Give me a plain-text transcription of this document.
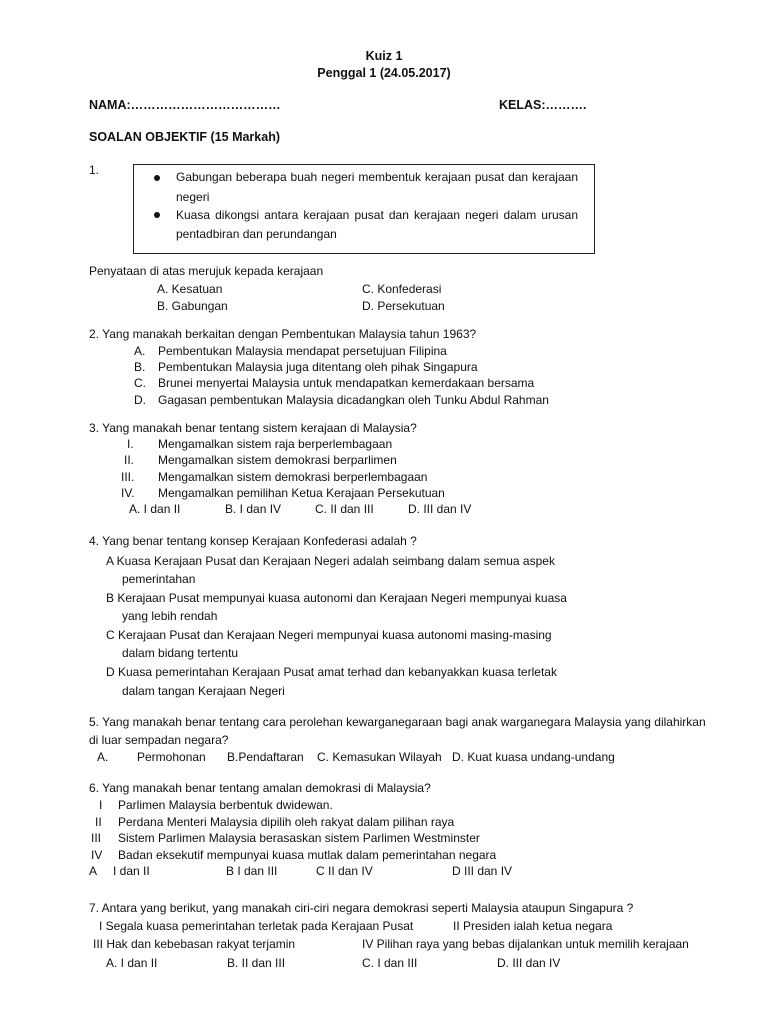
Kuiz 1
Penggal 1 (24.05.2017)
NAMA:………………………………	KELAS:……….
SOALAN OBJEKTIF (15 Markah)
1.	Gabungan beberapa buah negeri membentuk kerajaan pusat dan kerajaan
negeri
Kuasa dikongsi antara kerajaan pusat dan kerajaan negeri dalam urusan
pentadbiran dan perundangan
Penyataan di atas merujuk kepada kerajaan
A. Kesatuan	C. Konfederasi
B. Gabungan	D. Persekutuan
2. Yang manakah berkaitan dengan Pembentukan Malaysia tahun 1963?
A. Pembentukan Malaysia mendapat persetujuan Filipina
B. Pembentukan Malaysia juga ditentang oleh pihak Singapura
C. Brunei menyertai Malaysia untuk mendapatkan kemerdakaan bersama
D. Gagasan pembentukan Malaysia dicadangkan oleh Tunku Abdul Rahman
3. Yang manakah benar tentang sistem kerajaan di Malaysia?
I. Mengamalkan sistem raja berperlembagaan
II. Mengamalkan sistem demokrasi berparlimen
III. Mengamalkan sistem demokrasi berperlembagaan
IV. Mengamalkan pemilihan Ketua Kerajaan Persekutuan
A. I dan II	B. I dan IV	C. II dan III	D. III dan IV
4. Yang benar tentang konsep Kerajaan Konfederasi adalah ?
A Kuasa Kerajaan Pusat dan Kerajaan Negeri adalah seimbang dalam semua aspek
pemerintahan
B Kerajaan Pusat mempunyai kuasa autonomi dan Kerajaan Negeri mempunyai kuasa
yang lebih rendah
C Kerajaan Pusat dan Kerajaan Negeri mempunyai kuasa autonomi masing-masing
dalam bidang tertentu
D Kuasa pemerintahan Kerajaan Pusat amat terhad dan kebanyakkan kuasa terletak
dalam tangan Kerajaan Negeri
5. Yang manakah benar tentang cara perolehan kewarganegaraan bagi anak warganegara Malaysia yang dilahirkan
di luar sempadan negara?
A. Permohonan B.Pendaftaran C. Kemasukan Wilayah D. Kuat kuasa undang-undang
6. Yang manakah benar tentang amalan demokrasi di Malaysia?
I Parlimen Malaysia berbentuk dwidewan.
II Perdana Menteri Malaysia dipilih oleh rakyat dalam pilihan raya
III Sistem Parlimen Malaysia berasaskan sistem Parlimen Westminster
IV Badan eksekutif mempunyai kuasa mutlak dalam pemerintahan negara
A I dan II	B I dan III	C II dan IV	D III dan IV
7. Antara yang berikut, yang manakah ciri-ciri negara demokrasi seperti Malaysia ataupun Singapura ?
I Segala kuasa pemerintahan terletak pada Kerajaan Pusat	II Presiden ialah ketua negara
III Hak dan kebebasan rakyat terjamin	IV Pilihan raya yang bebas dijalankan untuk memilih kerajaan
A. I dan II	B. II dan III	C. I dan III	D. III dan IV
